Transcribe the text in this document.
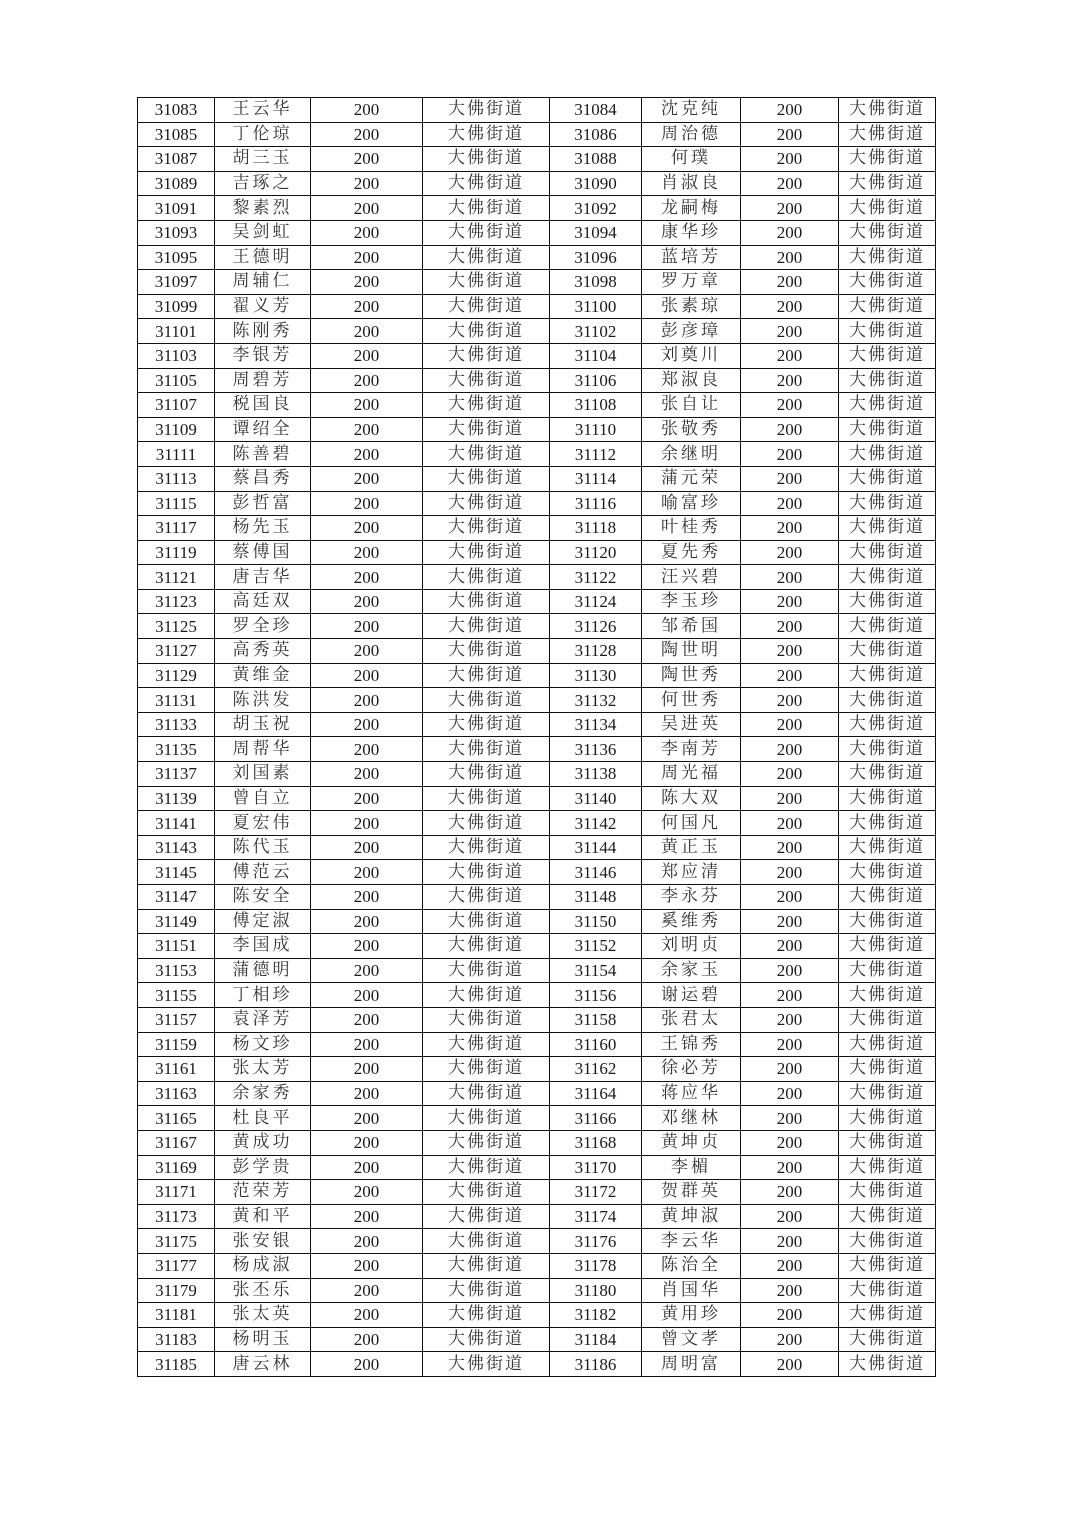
31083	王云华	200	大佛街道	31084	沈克纯	200	大佛街道
31085	丁伦琼	200	大佛街道	31086	周治德	200	大佛街道
31087	胡三玉	200	大佛街道	31088	何璞	200	大佛街道
31089	吉琢之	200	大佛街道	31090	肖淑良	200	大佛街道
31091	黎素烈	200	大佛街道	31092	龙嗣梅	200	大佛街道
31093	吴剑虹	200	大佛街道	31094	康华珍	200	大佛街道
31095	王德明	200	大佛街道	31096	蓝培芳	200	大佛街道
31097	周辅仁	200	大佛街道	31098	罗万章	200	大佛街道
31099	翟义芳	200	大佛街道	31100	张素琼	200	大佛街道
31101	陈刚秀	200	大佛街道	31102	彭彦璋	200	大佛街道
31103	李银芳	200	大佛街道	31104	刘奠川	200	大佛街道
31105	周碧芳	200	大佛街道	31106	郑淑良	200	大佛街道
31107	税国良	200	大佛街道	31108	张自让	200	大佛街道
31109	谭绍全	200	大佛街道	31110	张敬秀	200	大佛街道
31111	陈善碧	200	大佛街道	31112	余继明	200	大佛街道
31113	蔡昌秀	200	大佛街道	31114	蒲元荣	200	大佛街道
31115	彭哲富	200	大佛街道	31116	喻富珍	200	大佛街道
31117	杨先玉	200	大佛街道	31118	叶桂秀	200	大佛街道
31119	蔡傅国	200	大佛街道	31120	夏先秀	200	大佛街道
31121	唐吉华	200	大佛街道	31122	汪兴碧	200	大佛街道
31123	高廷双	200	大佛街道	31124	李玉珍	200	大佛街道
31125	罗全珍	200	大佛街道	31126	邹希国	200	大佛街道
31127	高秀英	200	大佛街道	31128	陶世明	200	大佛街道
31129	黄维金	200	大佛街道	31130	陶世秀	200	大佛街道
31131	陈洪发	200	大佛街道	31132	何世秀	200	大佛街道
31133	胡玉祝	200	大佛街道	31134	吴进英	200	大佛街道
31135	周帮华	200	大佛街道	31136	李南芳	200	大佛街道
31137	刘国素	200	大佛街道	31138	周光福	200	大佛街道
31139	曾自立	200	大佛街道	31140	陈大双	200	大佛街道
31141	夏宏伟	200	大佛街道	31142	何国凡	200	大佛街道
31143	陈代玉	200	大佛街道	31144	黄正玉	200	大佛街道
31145	傅范云	200	大佛街道	31146	郑应清	200	大佛街道
31147	陈安全	200	大佛街道	31148	李永芬	200	大佛街道
31149	傅定淑	200	大佛街道	31150	奚维秀	200	大佛街道
31151	李国成	200	大佛街道	31152	刘明贞	200	大佛街道
31153	蒲德明	200	大佛街道	31154	余家玉	200	大佛街道
31155	丁相珍	200	大佛街道	31156	谢运碧	200	大佛街道
31157	袁泽芳	200	大佛街道	31158	张君太	200	大佛街道
31159	杨文珍	200	大佛街道	31160	王锦秀	200	大佛街道
31161	张太芳	200	大佛街道	31162	徐必芳	200	大佛街道
31163	余家秀	200	大佛街道	31164	蒋应华	200	大佛街道
31165	杜良平	200	大佛街道	31166	邓继林	200	大佛街道
31167	黄成功	200	大佛街道	31168	黄坤贞	200	大佛街道
31169	彭学贵	200	大佛街道	31170	李楣	200	大佛街道
31171	范荣芳	200	大佛街道	31172	贺群英	200	大佛街道
31173	黄和平	200	大佛街道	31174	黄坤淑	200	大佛街道
31175	张安银	200	大佛街道	31176	李云华	200	大佛街道
31177	杨成淑	200	大佛街道	31178	陈治全	200	大佛街道
31179	张丕乐	200	大佛街道	31180	肖国华	200	大佛街道
31181	张太英	200	大佛街道	31182	黄用珍	200	大佛街道
31183	杨明玉	200	大佛街道	31184	曾文孝	200	大佛街道
31185	唐云林	200	大佛街道	31186	周明富	200	大佛街道
